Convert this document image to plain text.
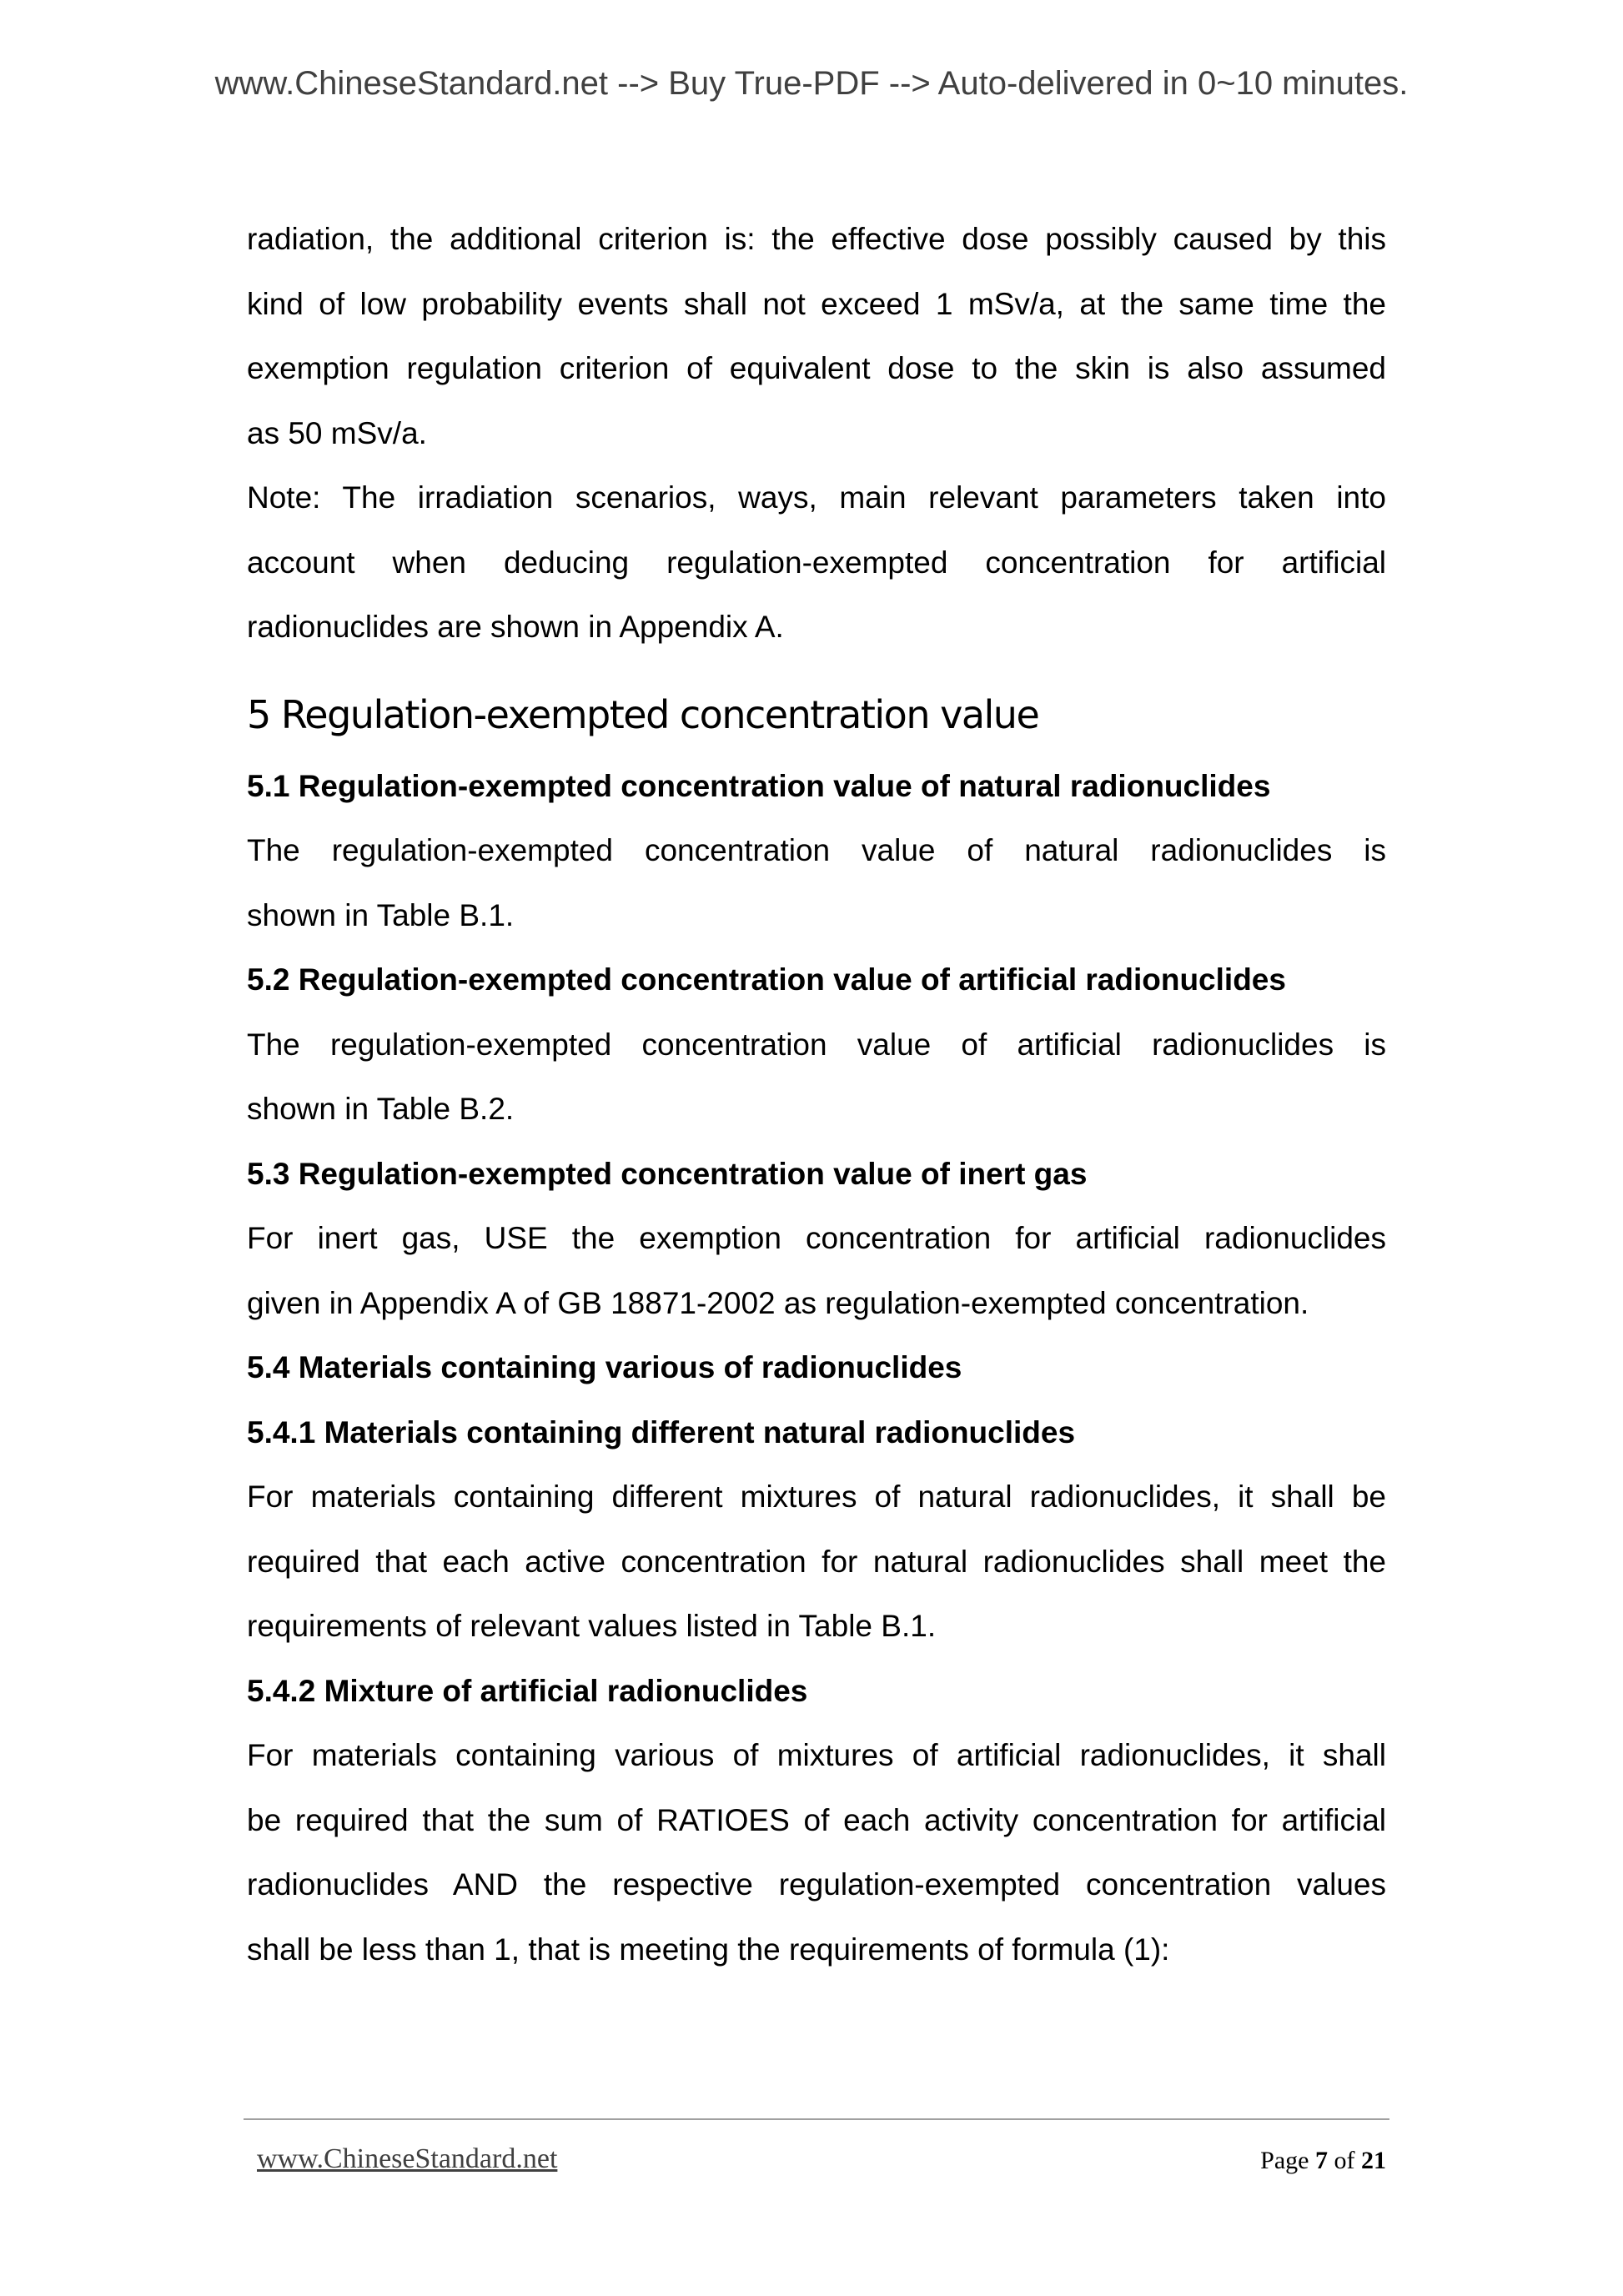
www.ChineseStandard.net --> Buy True-PDF --> Auto-delivered in 0~10 minutes.

radiation, the additional criterion is: the effective dose possibly caused by this

kind of low probability events shall not exceed 1 mSv/a, at the same time the

exemption regulation criterion of equivalent dose to the skin is also assumed

as 50 mSv/a.

Note: The irradiation scenarios, ways, main relevant parameters taken into

account when deducing regulation-exempted concentration for artificial

radionuclides are shown in Appendix A.

5 Regulation-exempted concentration value
5.1 Regulation-exempted concentration value of natural radionuclides

The regulation-exempted concentration value of natural radionuclides is

shown in Table B.1.

5.2 Regulation-exempted concentration value of artificial radionuclides

The regulation-exempted concentration value of artificial radionuclides is

shown in Table B.2.

5.3 Regulation-exempted concentration value of inert gas

For inert gas, USE the exemption concentration for artificial radionuclides

given in Appendix A of GB 18871-2002 as regulation-exempted concentration.

5.4 Materials containing various of radionuclides
5.4.1 Materials containing different natural radionuclides

For materials containing different mixtures of natural radionuclides, it shall be

required that each active concentration for natural radionuclides shall meet the

requirements of relevant values listed in Table B.1.

5.4.2 Mixture of artificial radionuclides

For materials containing various of mixtures of artificial radionuclides, it shall

be required that the sum of RATIOES of each activity concentration for artificial

radionuclides AND the respective regulation-exempted concentration values

shall be less than 1, that is meeting the requirements of formula (1):

www.ChineseStandard.net	Page 7 of 21
